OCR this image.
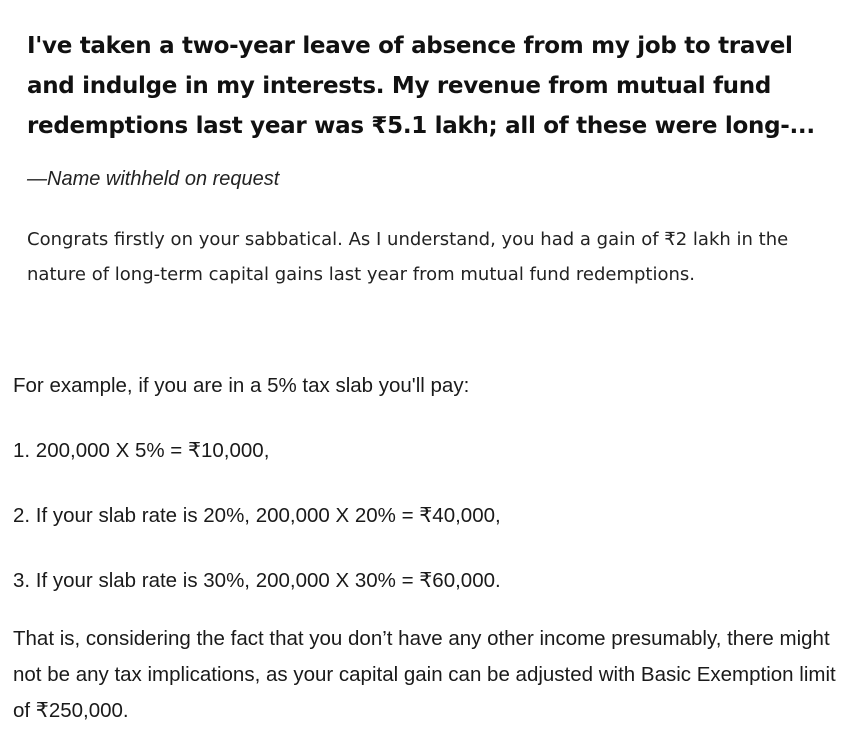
I've taken a two-year leave of absence from my job to travel and indulge in my interests. My revenue from mutual fund redemptions last year was ₹5.1 lakh; all of these were long-...

—Name withheld on request

Congrats firstly on your sabbatical. As I understand, you had a gain of ₹2 lakh in the nature of long-term capital gains last year from mutual fund redemptions.

For example, if you are in a 5% tax slab you'll pay:

1. 200,000 X 5% = ₹10,000,

2. If your slab rate is 20%, 200,000 X 20% = ₹40,000,

3. If your slab rate is 30%, 200,000 X 30% = ₹60,000.

That is, considering the fact that you don’t have any other income presumably, there might not be any tax implications, as your capital gain can be adjusted with Basic Exemption limit of ₹250,000.
